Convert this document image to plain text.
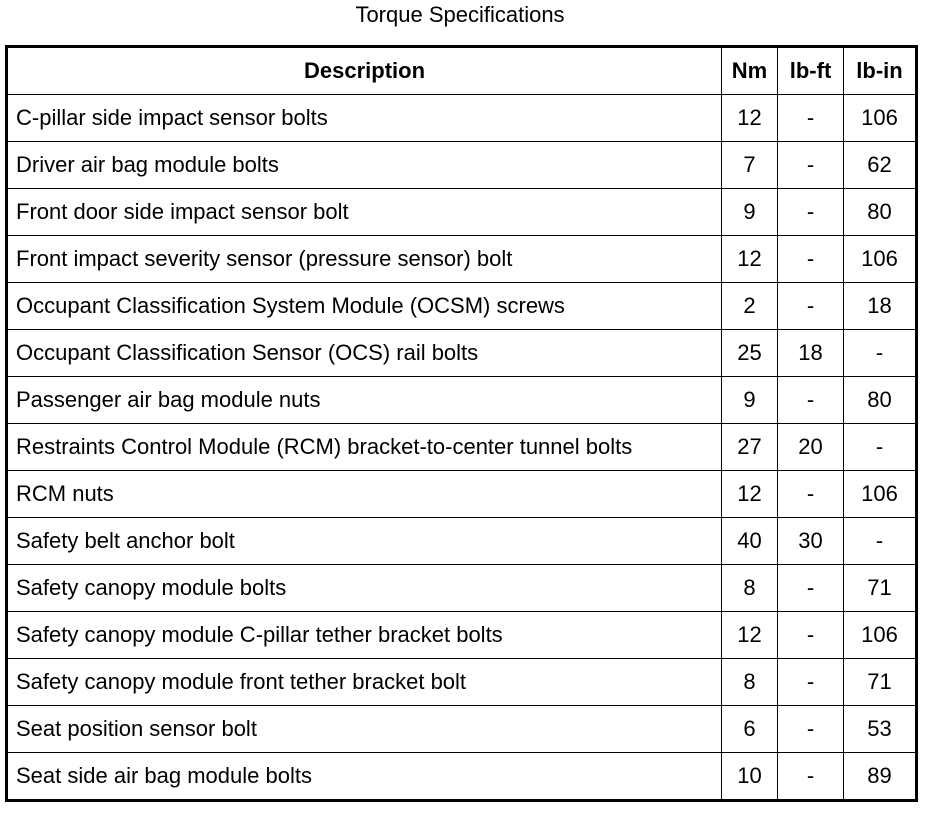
Torque Specifications
Description	Nm	lb-ft	lb-in
C-pillar side impact sensor bolts	12	-	106
Driver air bag module bolts	7	-	62
Front door side impact sensor bolt	9	-	80
Front impact severity sensor (pressure sensor) bolt	12	-	106
Occupant Classification System Module (OCSM) screws	2	-	18
Occupant Classification Sensor (OCS) rail bolts	25	18	-
Passenger air bag module nuts	9	-	80
Restraints Control Module (RCM) bracket-to-center tunnel bolts	27	20	-
RCM nuts	12	-	106
Safety belt anchor bolt	40	30	-
Safety canopy module bolts	8	-	71
Safety canopy module C-pillar tether bracket bolts	12	-	106
Safety canopy module front tether bracket bolt	8	-	71
Seat position sensor bolt	6	-	53
Seat side air bag module bolts	10	-	89
